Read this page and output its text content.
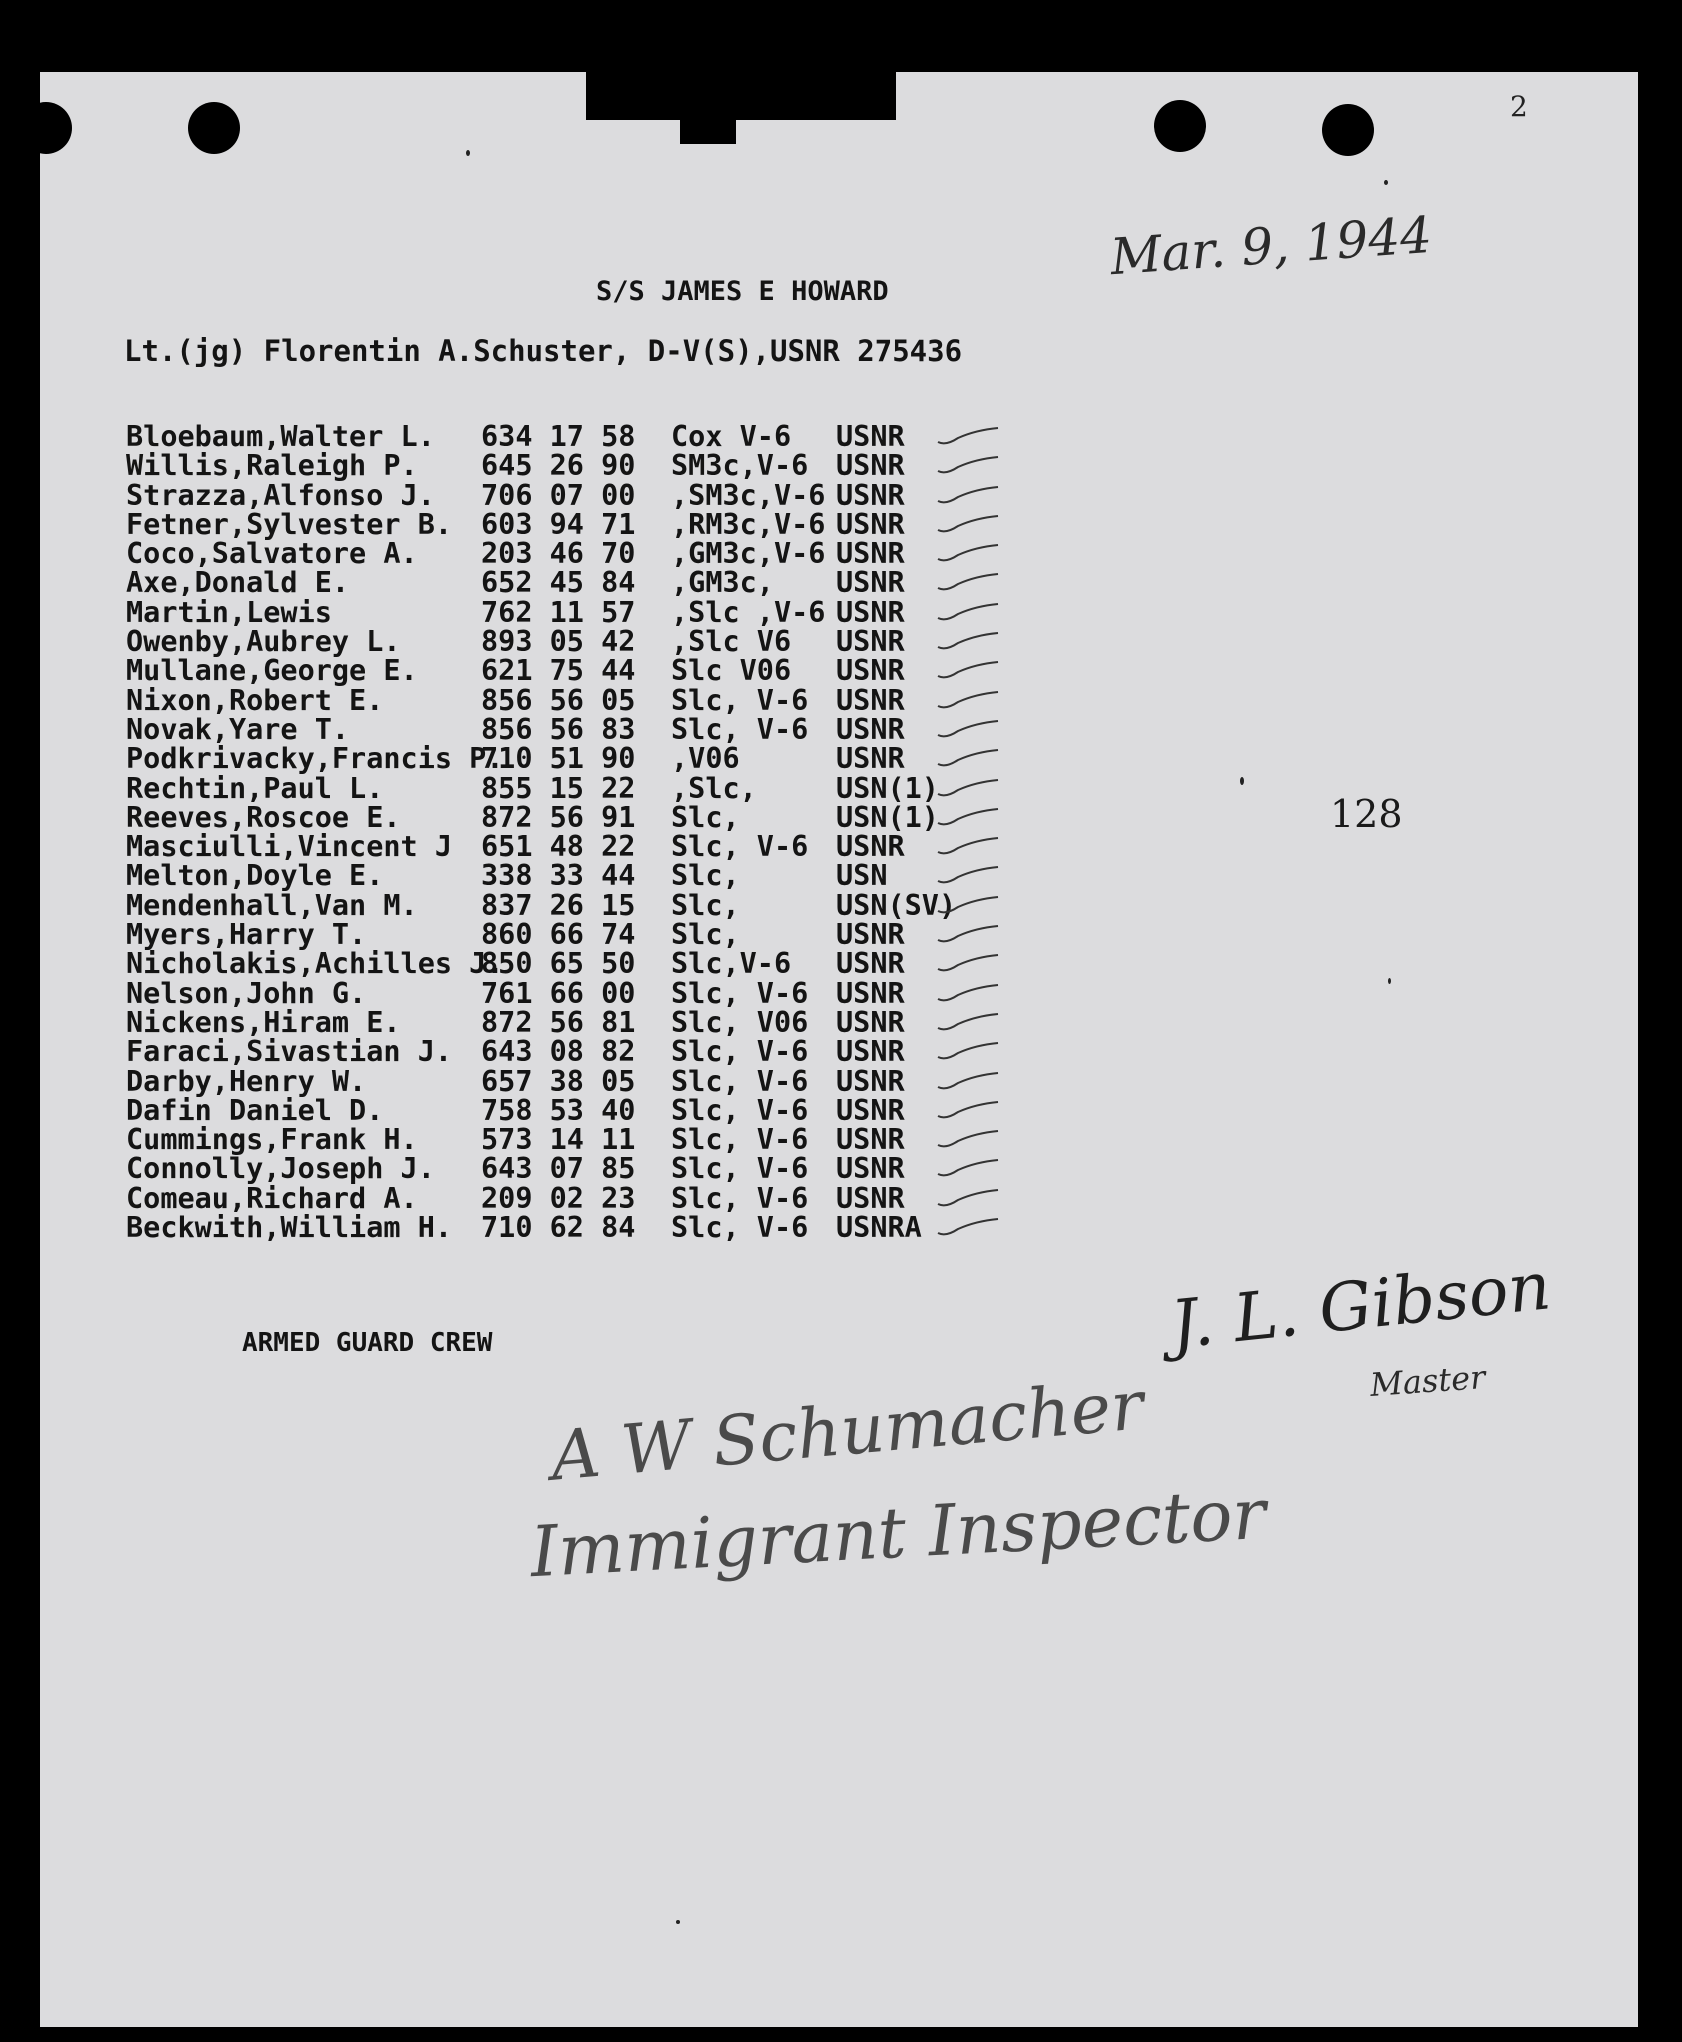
2
Mar. 9, 1944
S/S JAMES E HOWARD
Lt.(jg) Florentin A.Schuster, D-V(S),USNR 275436
Bloebaum,Walter L. 634 17 58 Cox V-6 USNR
Willis,Raleigh P. 645 26 90 SM3c,V-6 USNR
Strazza,Alfonso J. 706 07 00 ,SM3c,V-6 USNR
Fetner,Sylvester B. 603 94 71 ,RM3c,V-6 USNR
Coco,Salvatore A. 203 46 70 ,GM3c,V-6 USNR
Axe,Donald E.	652 45 84 ,GM3c, USNR
Martin,Lewis	762 11 57 ,Slc ,V-6 USNR
Owenby,Aubrey L.	893 05 42 ,Slc V6 USNR
Mullane,George E. 621 75 44 Slc V06 USNR
Nixon,Robert E.	856 56 05 Slc, V-6 USNR
Novak,Yare T.	856 56 83 Slc, V-6 USNR
Podkrivacky,Francis P.710 51 90 ,V06	USNR
Rechtin,Paul L.	855 15 22 ,Slc,	USN(1)
Reeves,Roscoe E.	872 56 91 Slc,	USN(1)
Masciulli,Vincent J 651 48 22 Slc, V-6 USNR
Melton,Doyle E.	338 33 44 Slc,	USN
Mendenhall,Van M. 837 26 15 Slc,	USN(SV)
Myers,Harry T.	860 66 74 Slc,	USNR
Nicholakis,Achilles J.850 65 50 Slc,V-6 USNR
Nelson,John G.	761 66 00 Slc, V-6 USNR
Nickens,Hiram E.	872 56 81 Slc, V06 USNR
Faraci,Sivastian J. 643 08 82 Slc, V-6 USNR
Darby,Henry W.	657 38 05 Slc, V-6 USNR
Dafin Daniel D.	758 53 40 Slc, V-6 USNR
Cummings,Frank H. 573 14 11 Slc, V-6 USNR
Connolly,Joseph J. 643 07 85 Slc, V-6 USNR
Comeau,Richard A. 209 02 23 Slc, V-6 USNR
Beckwith,William H. 710 62 84 Slc, V-6 USNRA
128
ARMED GUARD CREW	J. L. Gibson
Master
A W Schumacher
Immigrant Inspector
